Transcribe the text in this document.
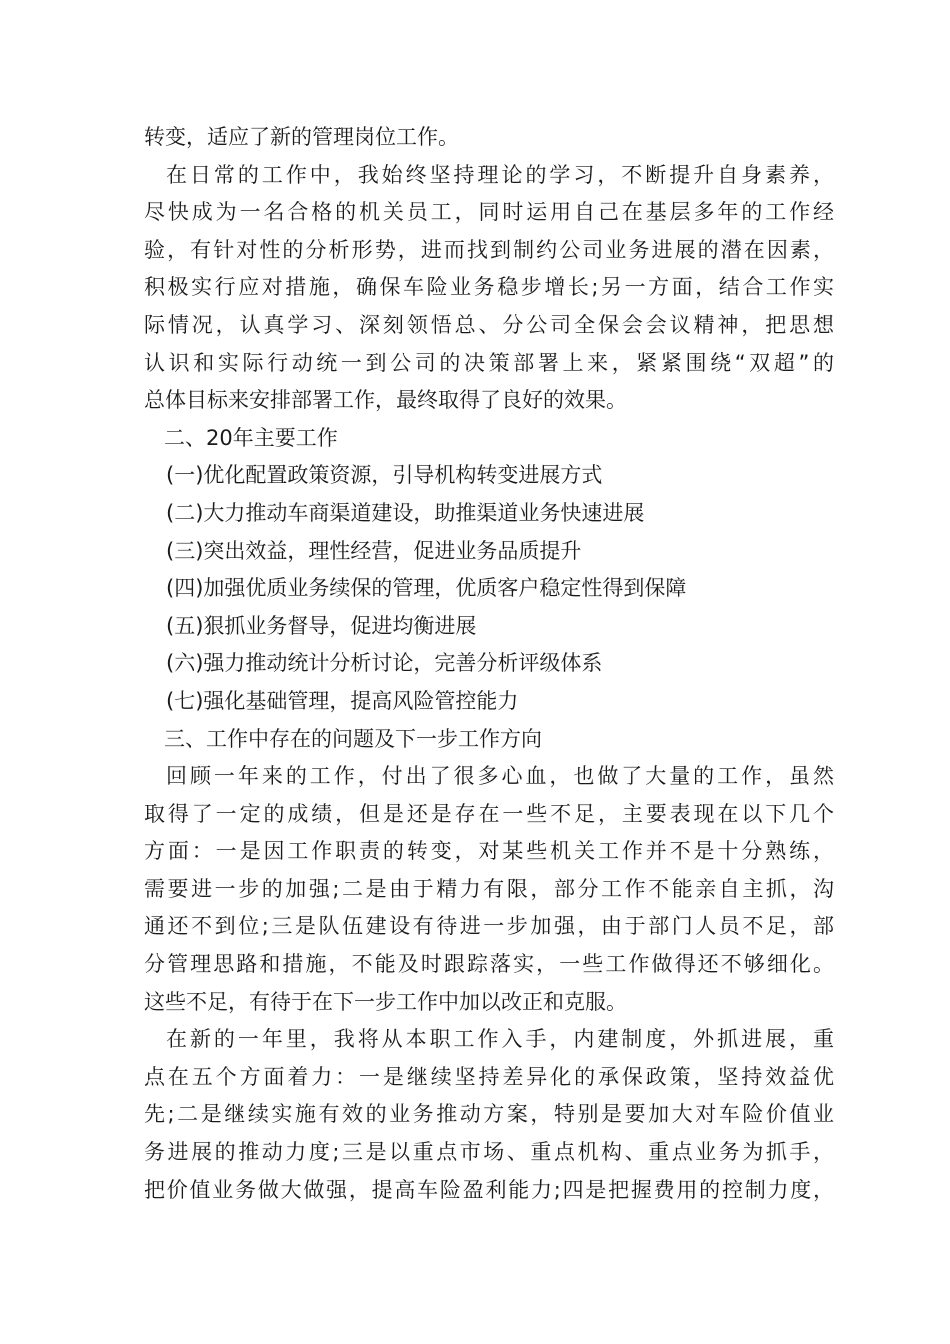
转变，适应了新的管理岗位工作。
在日常的工作中，我始终坚持理论的学习，不断提升自身素养，
尽快成为一名合格的机关员工，同时运用自己在基层多年的工作经
验，有针对性的分析形势，进而找到制约公司业务进展的潜在因素，
积极实行应对措施，确保车险业务稳步增长;另一方面，结合工作实
际情况，认真学习、深刻领悟总、分公司全保会会议精神，把思想
认识和实际行动统一到公司的决策部署上来，紧紧围绕“双超”的
总体目标来安排部署工作，最终取得了良好的效果。
二、20年主要工作
(一)优化配置政策资源，引导机构转变进展方式
(二)大力推动车商渠道建设，助推渠道业务快速进展
(三)突出效益，理性经营，促进业务品质提升
(四)加强优质业务续保的管理，优质客户稳定性得到保障
(五)狠抓业务督导，促进均衡进展
(六)强力推动统计分析讨论，完善分析评级体系
(七)强化基础管理，提高风险管控能力
三、工作中存在的问题及下一步工作方向
回顾一年来的工作，付出了很多心血，也做了大量的工作，虽然
取得了一定的成绩，但是还是存在一些不足，主要表现在以下几个
方面：一是因工作职责的转变，对某些机关工作并不是十分熟练，
需要进一步的加强;二是由于精力有限，部分工作不能亲自主抓，沟
通还不到位;三是队伍建设有待进一步加强，由于部门人员不足，部
分管理思路和措施，不能及时跟踪落实，一些工作做得还不够细化。
这些不足，有待于在下一步工作中加以改正和克服。
在新的一年里，我将从本职工作入手，内建制度，外抓进展，重
点在五个方面着力：一是继续坚持差异化的承保政策，坚持效益优
先;二是继续实施有效的业务推动方案，特别是要加大对车险价值业
务进展的推动力度;三是以重点市场、重点机构、重点业务为抓手，
把价值业务做大做强，提高车险盈利能力;四是把握费用的控制力度，
